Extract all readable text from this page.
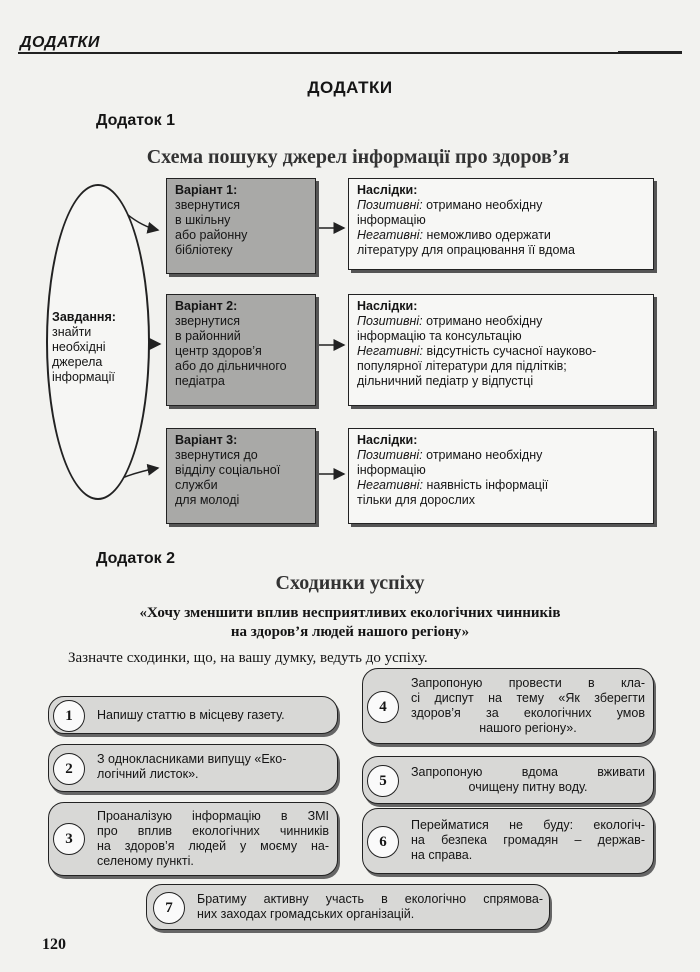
ДОДАТКИ
ДОДАТКИ
Додаток 1
Схема пошуку джерел інформації про здоров’я
Завдання:
знайти
необхідні
джерела
інформації
Варіант 1:
звернутися
в шкільну
або районну
бібліотеку
Варіант 2:
звернутися
в районний
центр здоров’я
або до дільничного
педіатра
Варіант 3:
звернутися до
відділу соціальної
служби
для молоді
Наслідки:
Позитивні: отримано необхідну
інформацію
Негативні: неможливо одержати
літературу для опрацювання її вдома
Наслідки:
Позитивні: отримано необхідну
інформацію та консультацію
Негативні: відсутність сучасної науково-
популярної літератури для підлітків;
дільничний педіатр у відпустці
Наслідки:
Позитивні: отримано необхідну
інформацію
Негативні: наявність інформації
тільки для дорослих
Додаток 2
Сходинки успіху
«Хочу зменшити вплив несприятливих екологічних чинників
на здоров’я людей нашого регіону»
Зазначте сходинки, що, на вашу думку, ведуть до успіху.
1	Напишу статтю в місцеву газету.
2
З однокласниками випущу «Еко-
логічний листок».
3
Проаналізую інформацію в ЗМІ
про вплив екологічних чинників
на здоров’я людей у моєму на-
селеному пункті.
4
Запропоную провести в кла-
сі диспут на тему «Як зберегти
здоров’я за екологічних умов
нашого регіону».
5
Запропоную вдома вживати
очищену питну воду.
6
Перейматися не буду: екологіч-
на безпека громадян – держав-
на справа.
7
Братиму активну участь в екологічно спрямова-
них заходах громадських організацій.
120
